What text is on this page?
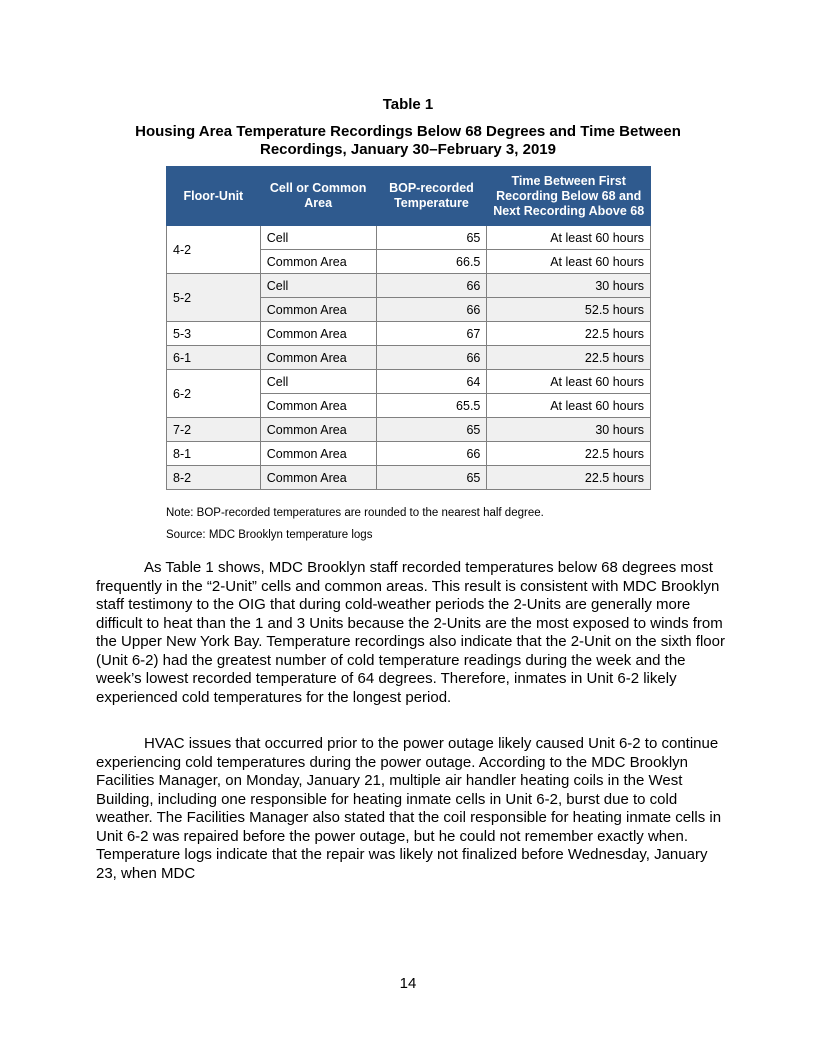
Table 1
Housing Area Temperature Recordings Below 68 Degrees and Time Between Recordings, January 30–February 3, 2019
Floor-Unit	Cell or Common Area	BOP-recorded Temperature	Time Between First Recording Below 68 and Next Recording Above 68
4-2	Cell	65	At least 60 hours
	Common Area	66.5	At least 60 hours
5-2	Cell	66	30 hours
	Common Area	66	52.5 hours
5-3	Common Area	67	22.5 hours
6-1	Common Area	66	22.5 hours
6-2	Cell	64	At least 60 hours
	Common Area	65.5	At least 60 hours
7-2	Common Area	65	30 hours
8-1	Common Area	66	22.5 hours
8-2	Common Area	65	22.5 hours
Note: BOP-recorded temperatures are rounded to the nearest half degree.
Source: MDC Brooklyn temperature logs

As Table 1 shows, MDC Brooklyn staff recorded temperatures below 68 degrees most frequently in the “2-Unit” cells and common areas. This result is consistent with MDC Brooklyn staff testimony to the OIG that during cold-weather periods the 2-Units are generally more difficult to heat than the 1 and 3 Units because the 2-Units are the most exposed to winds from the Upper New York Bay. Temperature recordings also indicate that the 2-Unit on the sixth floor (Unit 6-2) had the greatest number of cold temperature readings during the week and the week’s lowest recorded temperature of 64 degrees. Therefore, inmates in Unit 6-2 likely experienced cold temperatures for the longest period.

HVAC issues that occurred prior to the power outage likely caused Unit 6-2 to continue experiencing cold temperatures during the power outage. According to the MDC Brooklyn Facilities Manager, on Monday, January 21, multiple air handler heating coils in the West Building, including one responsible for heating inmate cells in Unit 6-2, burst due to cold weather. The Facilities Manager also stated that the coil responsible for heating inmate cells in Unit 6-2 was repaired before the power outage, but he could not remember exactly when. Temperature logs indicate that the repair was likely not finalized before Wednesday, January 23, when MDC

14
